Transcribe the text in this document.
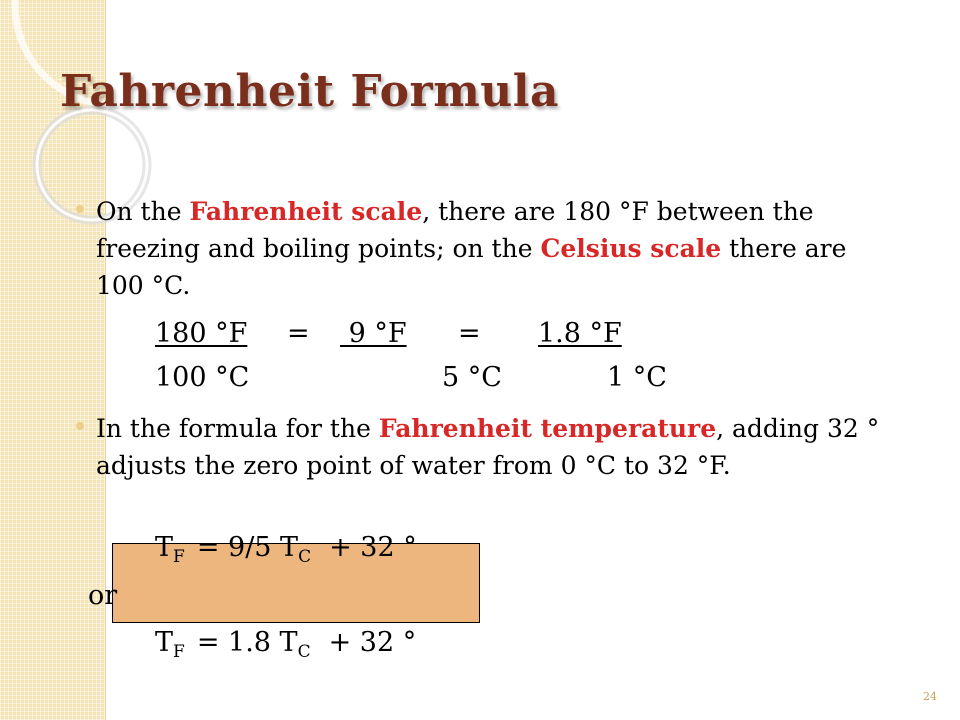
Fahrenheit Formula

On the Fahrenheit scale, there are 180 °F between the freezing and boiling points; on the Celsius scale there are 100 °C.

180 °F = 9 °F = 1.8 °F
100 °C	5 °C	1 °C

In the formula for the Fahrenheit temperature, adding 32 ° adjusts the zero point of water from 0 °C to 32 °F.

$T_F = 9/5$ $T_C + 32$ °
or
$T_F = 1.8$ $T_C + 32$ °
24
